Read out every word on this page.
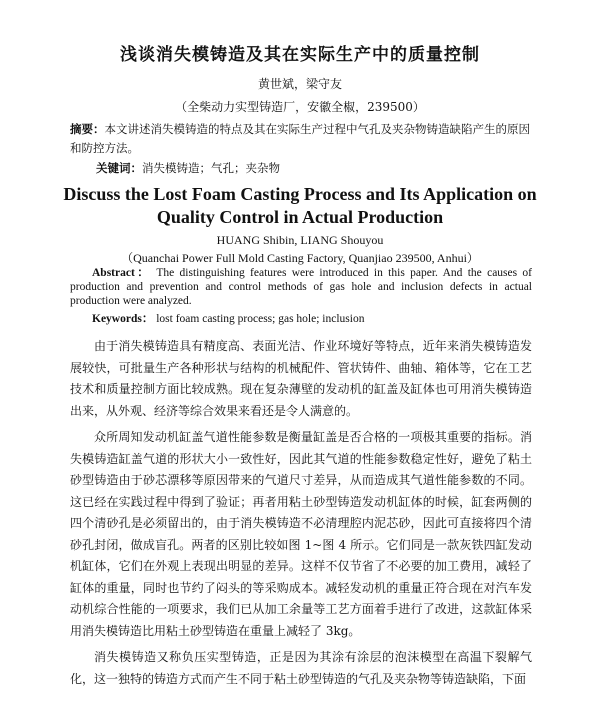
浅谈消失模铸造及其在实际生产中的质量控制
黄世斌，梁守友
（全柴动力实型铸造厂，安徽全椒，239500）
摘要：本文讲述消失模铸造的特点及其在实际生产过程中气孔及夹杂物铸造缺陷产生的原因和防控方法。
关键词：消失模铸造；气孔；夹杂物
Discuss the Lost Foam Casting Process and Its Application on
Quality Control in Actual Production
HUANG Shibin, LIANG Shouyou
（Quanchai Power Full Mold Casting Factory, Quanjiao 239500, Anhui）
Abstract： The distinguishing features were introduced in this paper. And the causes of production and prevention and control methods of gas hole and inclusion defects in actual production were analyzed.
Keywords： lost foam casting process; gas hole; inclusion

由于消失模铸造具有精度高、表面光洁、作业环境好等特点，近年来消失模铸造发展较快，可批量生产各种形状与结构的机械配件、管状铸件、曲轴、箱体等，它在工艺技术和质量控制方面比较成熟。现在复杂薄壁的发动机的缸盖及缸体也可用消失模铸造出来，从外观、经济等综合效果来看还是令人满意的。

众所周知发动机缸盖气道性能参数是衡量缸盖是否合格的一项极其重要的指标。消失模铸造缸盖气道的形状大小一致性好，因此其气道的性能参数稳定性好，避免了粘土砂型铸造由于砂芯漂移等原因带来的气道尺寸差异，从而造成其气道性能参数的不同。这已经在实践过程中得到了验证；再者用粘土砂型铸造发动机缸体的时候，缸套两侧的四个清砂孔是必须留出的，由于消失模铸造不必清理腔内泥芯砂，因此可直接将四个清砂孔封闭，做成盲孔。两者的区别比较如图 1~图 4 所示。它们同是一款灰铁四缸发动机缸体，它们在外观上表现出明显的差异。这样不仅节省了不必要的加工费用，减轻了缸体的重量，同时也节约了闷头的等采购成本。减轻发动机的重量正符合现在对汽车发动机综合性能的一项要求，我们已从加工余量等工艺方面着手进行了改进，这款缸体采用消失模铸造比用粘土砂型铸造在重量上减轻了 3kg。

消失模铸造又称负压实型铸造，正是因为其涂有涂层的泡沫模型在高温下裂解气化，这一独特的铸造方式而产生不同于粘土砂型铸造的气孔及夹杂物等铸造缺陷，下面
